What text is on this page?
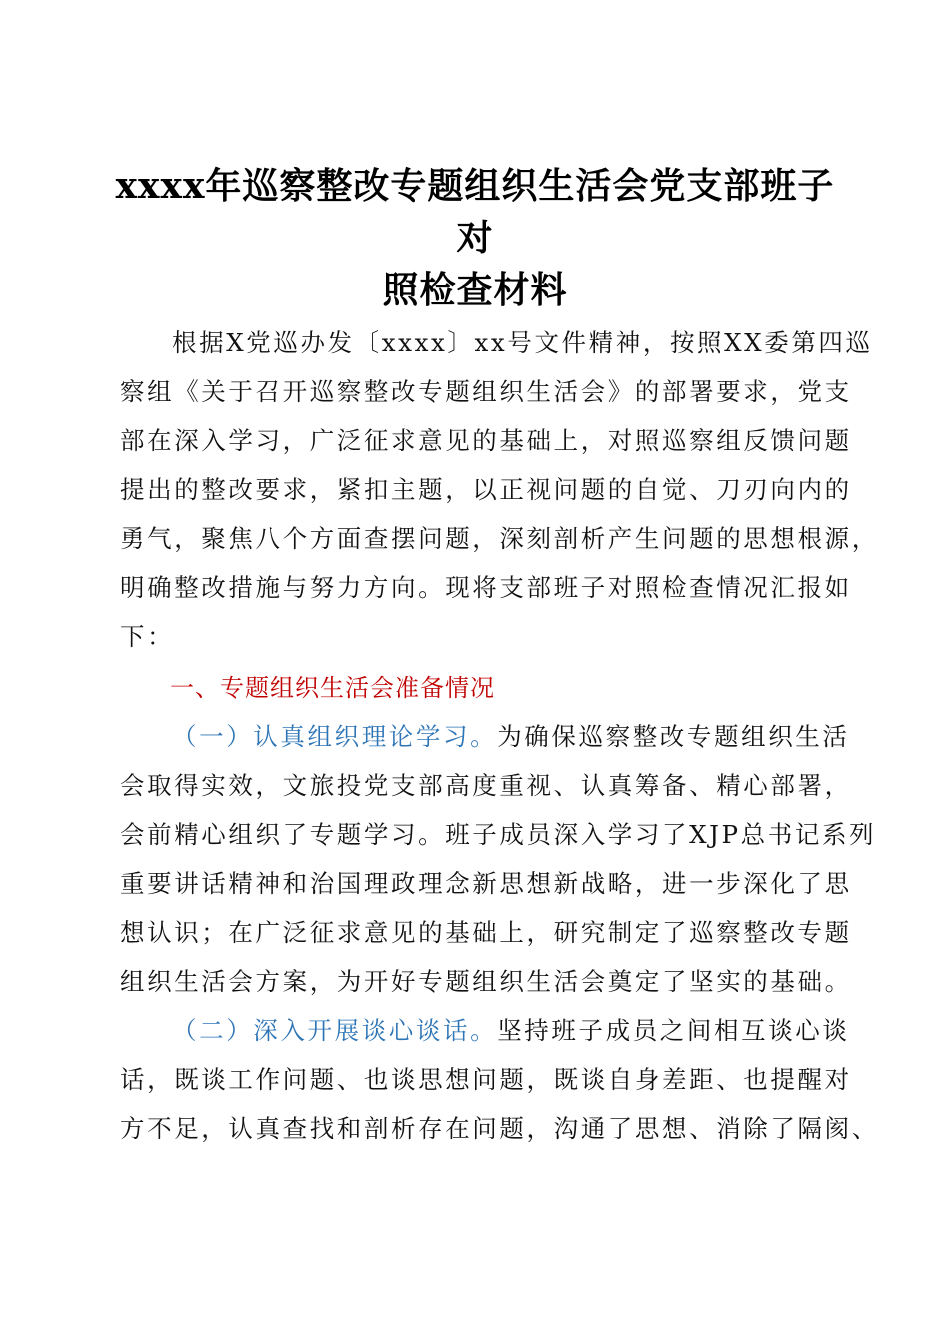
xxxx年巡察整改专题组织生活会党支部班子对
照检查材料
根据X党巡办发〔xxxx〕xx号文件精神，按照XX委第四巡
察组《关于召开巡察整改专题组织生活会》的部署要求，党支
部在深入学习，广泛征求意见的基础上，对照巡察组反馈问题
提出的整改要求，紧扣主题，以正视问题的自觉、刀刃向内的
勇气，聚焦八个方面查摆问题，深刻剖析产生问题的思想根源，
明确整改措施与努力方向。现将支部班子对照检查情况汇报如
下：
一、专题组织生活会准备情况
（一）认真组织理论学习。为确保巡察整改专题组织生活
会取得实效，文旅投党支部高度重视、认真筹备、精心部署，
会前精心组织了专题学习。班子成员深入学习了XJP总书记系列
重要讲话精神和治国理政理念新思想新战略，进一步深化了思
想认识；在广泛征求意见的基础上，研究制定了巡察整改专题
组织生活会方案，为开好专题组织生活会奠定了坚实的基础。
（二）深入开展谈心谈话。坚持班子成员之间相互谈心谈
话，既谈工作问题、也谈思想问题，既谈自身差距、也提醒对
方不足，认真查找和剖析存在问题，沟通了思想、消除了隔阂、
